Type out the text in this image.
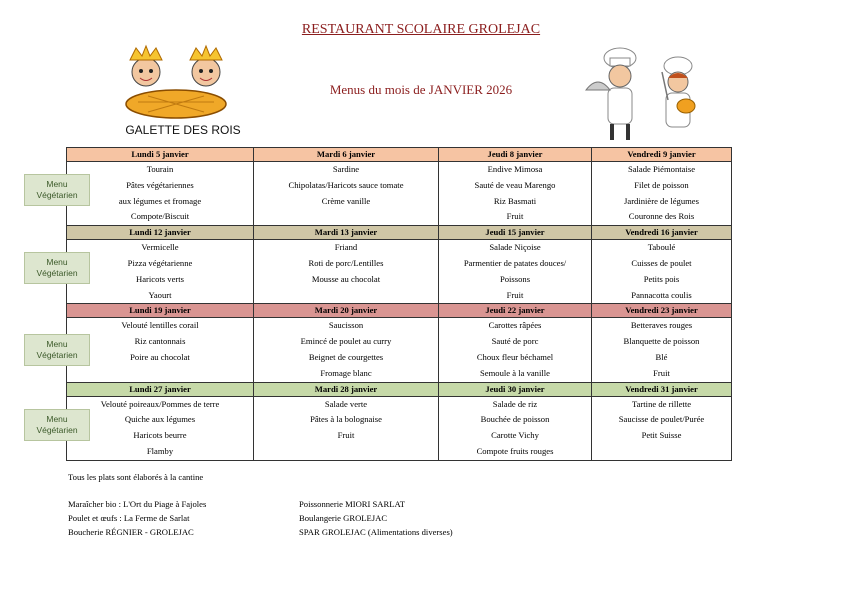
RESTAURANT SCOLAIRE GROLEJAC
GALETTE DES ROIS
Menus du mois de JANVIER 2026
Lundi 5 janvier	Mardi 6 janvier	Jeudi 8 janvier	Vendredi 9 janvier
Tourain	Sardine	Endive Mimosa	Salade Piémontaise
Pâtes végétariennes	Chipolatas/Haricots sauce tomate	Sauté de veau Marengo	Filet de poisson
aux légumes et fromage	Crème vanille	Riz Basmati	Jardinière de légumes
Compote/Biscuit		Fruit	Couronne des Rois
Lundi 12 janvier	Mardi 13 janvier	Jeudi 15 janvier	Vendredi 16 janvier
Vermicelle	Friand	Salade Niçoise	Taboulé
Pizza végétarienne	Roti de porc/Lentilles	Parmentier de patates douces/	Cuisses de poulet
Haricots verts	Mousse au chocolat	Poissons	Petits pois
Yaourt		Fruit	Pannacotta coulis
Lundi 19 janvier	Mardi 20 janvier	Jeudi 22 janvier	Vendredi 23 janvier
Velouté lentilles corail	Saucisson	Carottes râpées	Betteraves rouges
Riz cantonnais	Emincé de poulet au curry	Sauté de porc	Blanquette de poisson
Poire au chocolat	Beignet de courgettes	Choux fleur béchamel	Blé
	Fromage blanc	Semoule à la vanille	Fruit
Lundi 27 janvier	Mardi 28 janvier	Jeudi 30 janvier	Vendredi 31 janvier
Velouté poireaux/Pommes de terre	Salade verte	Salade de riz	Tartine de rillette
Quiche aux légumes	Pâtes à la bolognaise	Bouchée de poisson	Saucisse de poulet/Purée
Haricots beurre	Fruit	Carotte Vichy	Petit Suisse
Flamby		Compote fruits rouges	
Menu
Végétarien
Menu
Végétarien
Menu
Végétarien
Menu
Végétarien
Tous les plats sont élaborés à la cantine
Maraîcher bio : L'Ort du Piage à Fajoles
Poulet et œufs : La Ferme de Sarlat
Boucherie RÉGNIER - GROLEJAC
Poissonnerie MIORI SARLAT
Boulangerie GROLEJAC
SPAR GROLEJAC (Alimentations diverses)
